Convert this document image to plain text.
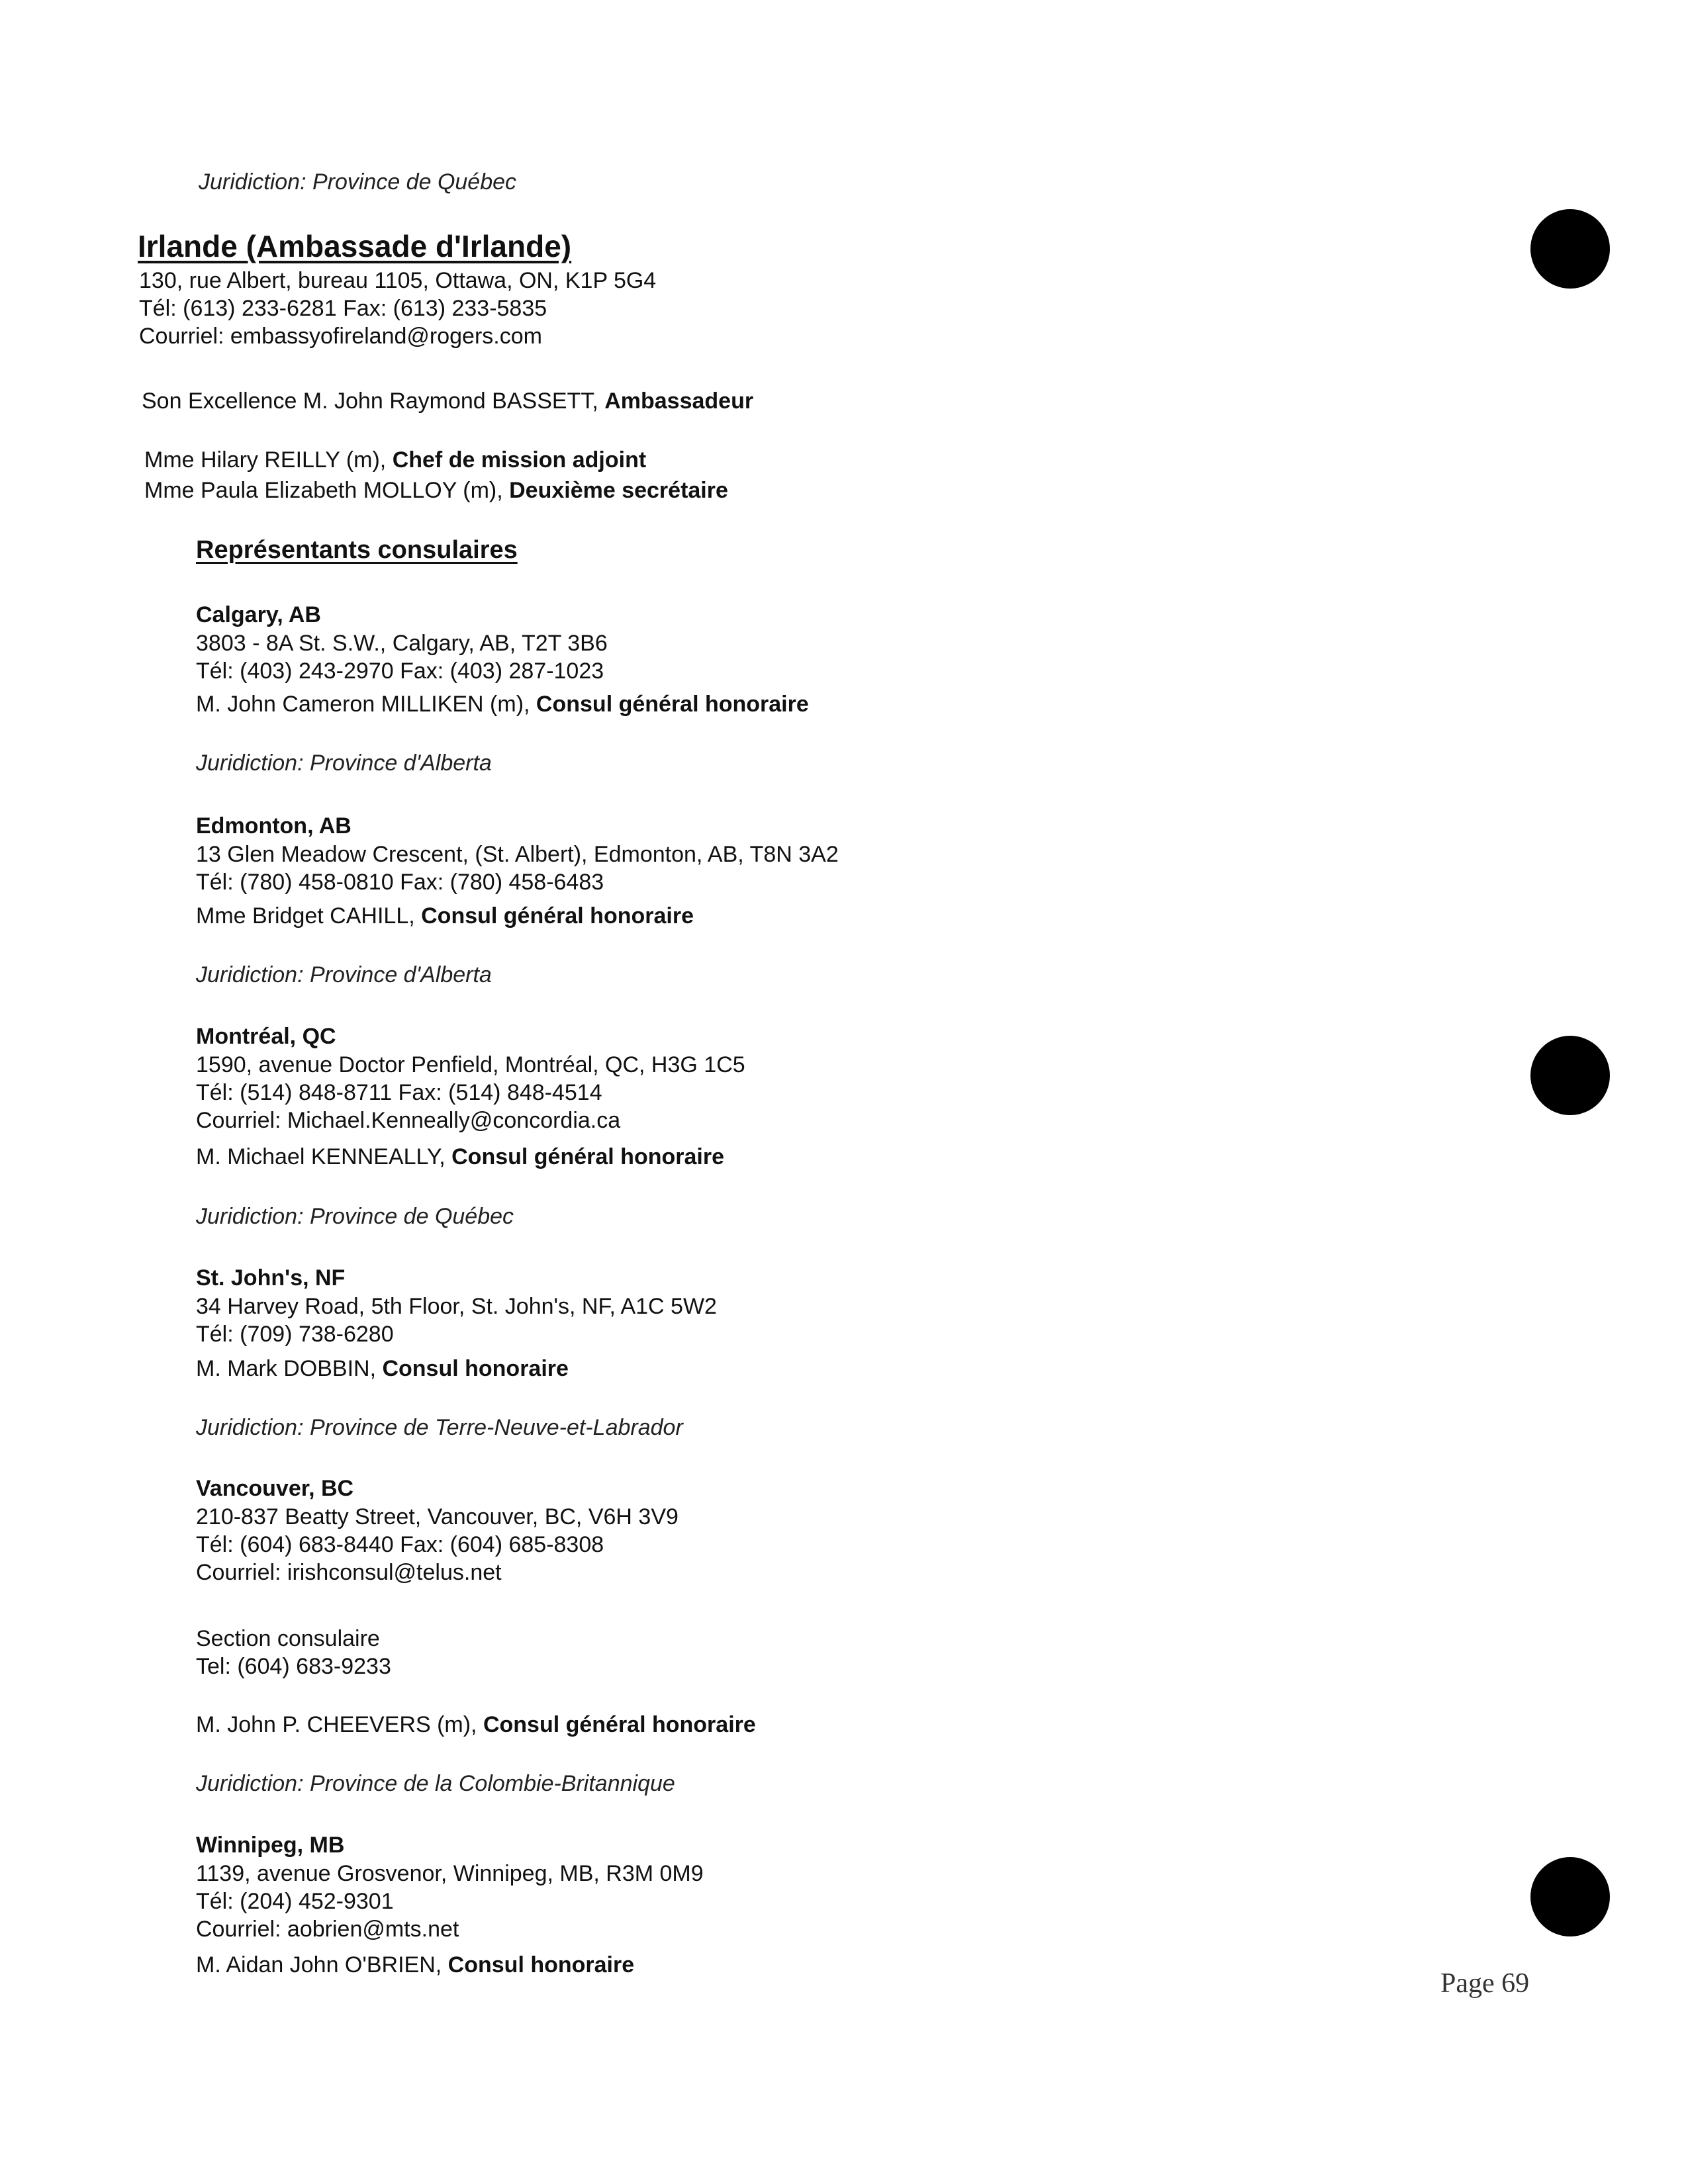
Juridiction: Province de Québec
Irlande (Ambassade d'Irlande)
130, rue Albert, bureau 1105, Ottawa, ON, K1P 5G4
Tél: (613) 233-6281 Fax: (613) 233-5835
Courriel: embassyofireland@rogers.com
Son Excellence M. John Raymond BASSETT, Ambassadeur
Mme Hilary REILLY (m), Chef de mission adjoint
Mme Paula Elizabeth MOLLOY (m), Deuxième secrétaire
Représentants consulaires
Calgary, AB
3803 - 8A St. S.W., Calgary, AB, T2T 3B6
Tél: (403) 243-2970 Fax: (403) 287-1023
M. John Cameron MILLIKEN (m), Consul général honoraire
Juridiction: Province d'Alberta
Edmonton, AB
13 Glen Meadow Crescent, (St. Albert), Edmonton, AB, T8N 3A2
Tél: (780) 458-0810 Fax: (780) 458-6483
Mme Bridget CAHILL, Consul général honoraire
Juridiction: Province d'Alberta
Montréal, QC
1590, avenue Doctor Penfield, Montréal, QC, H3G 1C5
Tél: (514) 848-8711 Fax: (514) 848-4514
Courriel: Michael.Kenneally@concordia.ca
M. Michael KENNEALLY, Consul général honoraire
Juridiction: Province de Québec
St. John's, NF
34 Harvey Road, 5th Floor, St. John's, NF, A1C 5W2
Tél: (709) 738-6280
M. Mark DOBBIN, Consul honoraire
Juridiction: Province de Terre-Neuve-et-Labrador
Vancouver, BC
210-837 Beatty Street, Vancouver, BC, V6H 3V9
Tél: (604) 683-8440 Fax: (604) 685-8308
Courriel: irishconsul@telus.net
Section consulaire
Tel: (604) 683-9233
M. John P. CHEEVERS (m), Consul général honoraire
Juridiction: Province de la Colombie-Britannique
Winnipeg, MB
1139, avenue Grosvenor, Winnipeg, MB, R3M 0M9
Tél: (204) 452-9301
Courriel: aobrien@mts.net
M. Aidan John O'BRIEN, Consul honoraire
Page 69
